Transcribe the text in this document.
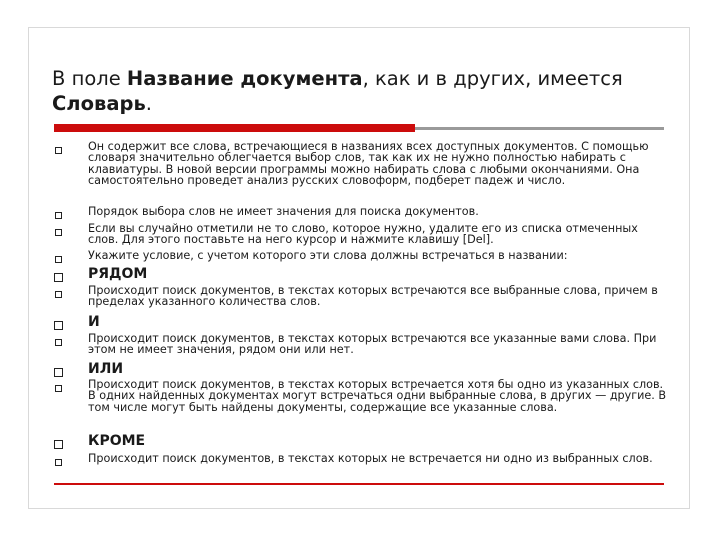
В поле Название документа, как и в других, имеется Словарь.
Он содержит все слова, встречающиеся в названиях всех доступных документов. С помощью словаря значительно облегчается выбор слов, так как их не нужно полностью набирать с клавиатуры. В новой версии программы можно набирать слова с любыми окончаниями. Она самостоятельно проведет анализ русских словоформ, подберет падеж и число.
Порядок выбора слов не имеет значения для поиска документов.
Если вы случайно отметили не то слово, которое нужно, удалите его из списка отмеченных слов. Для этого поставьте на него курсор и нажмите клавишу [Del].
Укажите условие, с учетом которого эти слова должны встречаться в названии:
РЯДОМ
Происходит поиск документов, в текстах которых встречаются все выбранные слова, причем в пределах указанного количества слов.
И
Происходит поиск документов, в текстах которых встречаются все указанные вами слова. При этом не имеет значения, рядом они или нет.
ИЛИ
Происходит поиск документов, в текстах которых встречается хотя бы одно из указанных слов. В одних найденных документах могут встречаться одни выбранные слова, в других — другие. В том числе могут быть найдены документы, содержащие все указанные слова.
КРОМЕ
Происходит поиск документов, в текстах которых не встречается ни одно из выбранных слов.
